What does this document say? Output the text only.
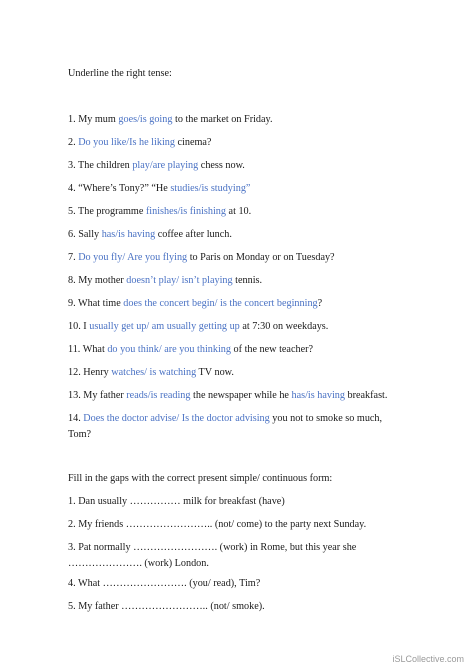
Underline the right tense:
1. My mum goes/is going to the market on Friday.
2. Do you like/Is he liking cinema?
3. The children play/are playing chess now.
4. “Where’s Tony?” “He studies/is studying”
5. The programme finishes/is finishing at 10.
6. Sally has/is having coffee after lunch.
7. Do you fly/ Are you flying to Paris on Monday or on Tuesday?
8. My mother doesn’t play/ isn’t playing tennis.
9. What time does the concert begin/ is the concert beginning?
10. I usually get up/ am usually getting up at 7:30 on weekdays.
11. What do you think/ are you thinking of the new teacher?
12. Henry watches/ is watching TV now.
13. My father reads/is reading the newspaper while he has/is having breakfast.
14. Does the doctor advise/ Is the doctor advising you not to smoke so much,
Tom?
Fill in the gaps with the correct present simple/ continuous form:
1. Dan usually …………… milk for breakfast (have)
2. My friends …………………….. (not/ come) to the party next Sunday.
3. Pat normally ……………………. (work) in Rome, but this year she
…………………. (work) London.
4. What ……………………. (you/ read), Tim?
5. My father …………………….. (not/ smoke).
iSLCollective.com
